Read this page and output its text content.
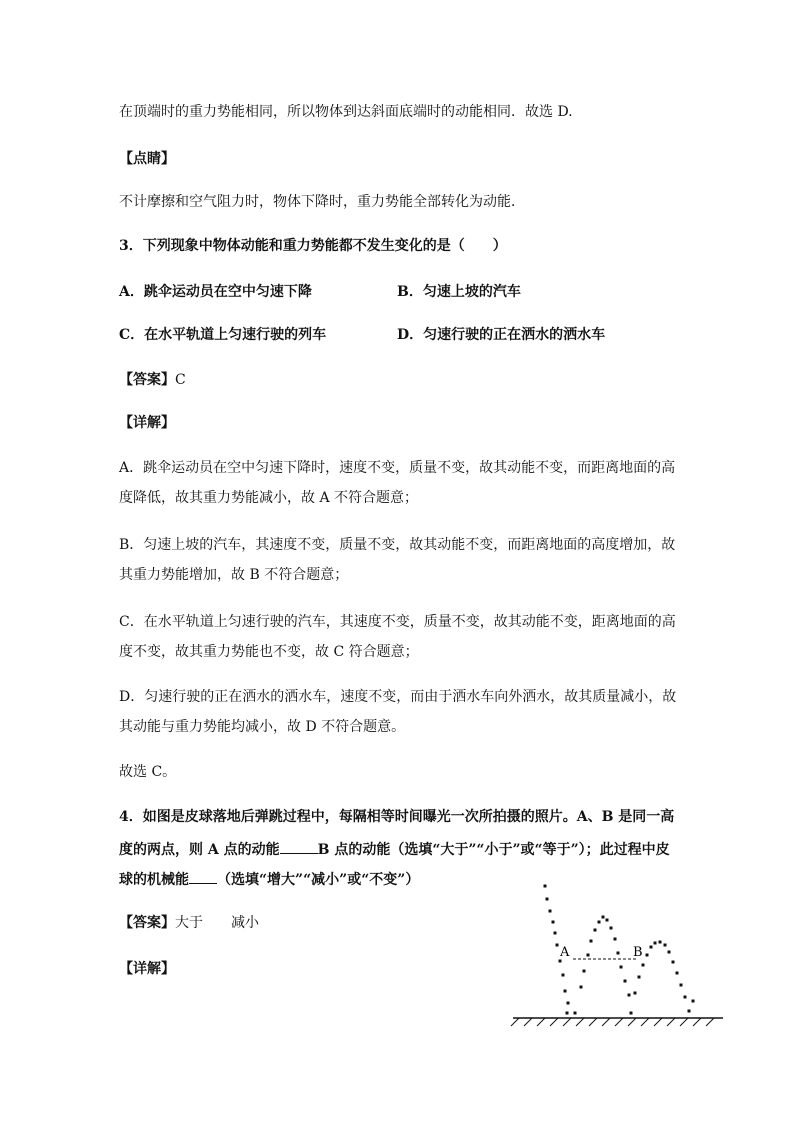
在顶端时的重力势能相同，所以物体到达斜面底端时的动能相同．故选 D.
【点睛】
不计摩擦和空气阻力时，物体下降时，重力势能全部转化为动能．
3．下列现象中物体动能和重力势能都不发生变化的是（　　）
A．跳伞运动员在空中匀速下降	B．匀速上坡的汽车
C．在水平轨道上匀速行驶的列车	D．匀速行驶的正在洒水的洒水车
【答案】C
【详解】
A．跳伞运动员在空中匀速下降时，速度不变，质量不变，故其动能不变，而距离地面的高
度降低，故其重力势能减小，故 A 不符合题意；
B．匀速上坡的汽车，其速度不变，质量不变，故其动能不变，而距离地面的高度增加，故
其重力势能增加，故 B 不符合题意；
C．在水平轨道上匀速行驶的汽车，其速度不变，质量不变，故其动能不变，距离地面的高
度不变，故其重力势能也不变，故 C 符合题意；
D．匀速行驶的正在洒水的洒水车，速度不变，而由于洒水车向外洒水，故其质量减小，故
其动能与重力势能均减小，故 D 不符合题意。
故选 C。
4．如图是皮球落地后弹跳过程中，每隔相等时间曝光一次所拍摄的照片。A、B 是同一高
度的两点，则 A 点的动能	B 点的动能（选填“大于”“小于”或“等于”）；此过程中皮
球的机械能 （选填“增大”“减小”或“不变”）
【答案】大于 减小
【详解】
A	B
